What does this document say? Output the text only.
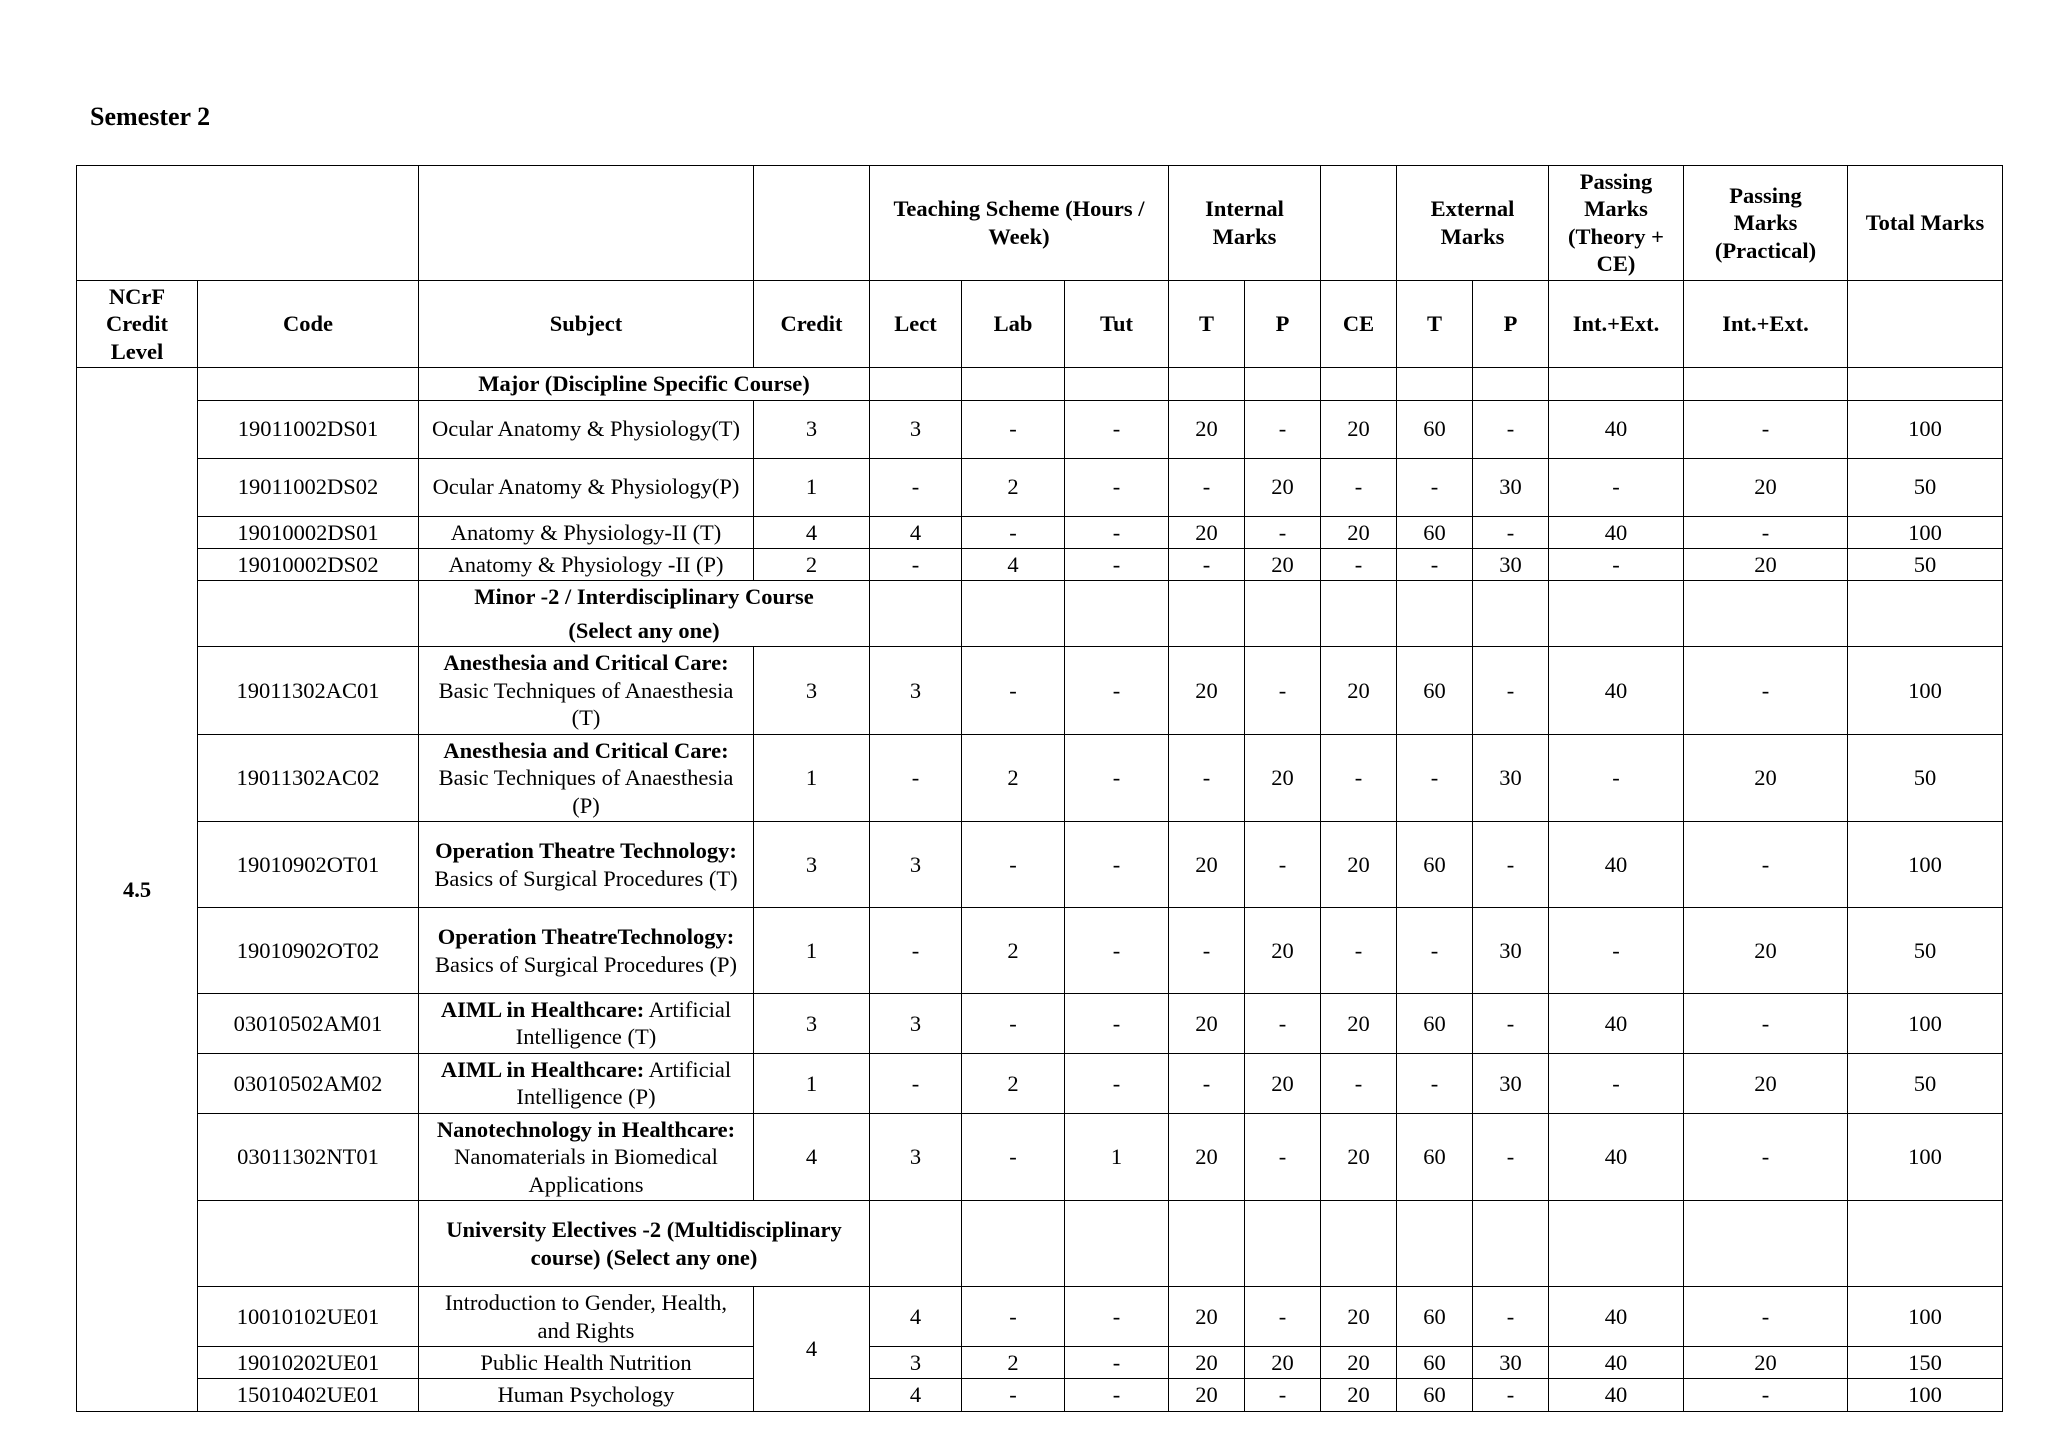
Semester 2
				Teaching Scheme (Hours / Week)			Internal Marks			External Marks		Passing Marks (Theory + CE)	Passing Marks (Practical)	Total Marks
NCrF Credit Level	Code	Subject	Credit	Lect	Lab	Tut	T	P	CE	T	P	Int.+Ext.	Int.+Ext.	
4.5		Major (Discipline Specific Course)												

	19011002DS01	Ocular Anatomy & Physiology(T)	3	3	-	-	20	-	20	60	-	40	-	100
	19011002DS02	Ocular Anatomy & Physiology(P)	1	-	2	-	-	20	-	-	30	-	20	50
	19010002DS01	Anatomy & Physiology-II (T)	4	4	-	-	20	-	20	60	-	40	-	100
	19010002DS02	Anatomy & Physiology -II (P)	2	-	4	-	-	20	-	-	30	-	20	50

		Minor -2 / Interdisciplinary Course
(Select any one)												

	19011302AC01	Anesthesia and Critical Care: Basic Techniques of Anaesthesia (T)	3	3	-	-	20	-	20	60	-	40	-	100
	19011302AC02	Anesthesia and Critical Care: Basic Techniques of Anaesthesia (P)	1	-	2	-	-	20	-	-	30	-	20	50
	19010902OT01	Operation Theatre Technology: Basics of Surgical Procedures (T)	3	3	-	-	20	-	20	60	-	40	-	100
	19010902OT02	Operation TheatreTechnology: Basics of Surgical Procedures (P)	1	-	2	-	-	20	-	-	30	-	20	50
	03010502AM01	AIML in Healthcare: Artificial Intelligence (T)	3	3	-	-	20	-	20	60	-	40	-	100
	03010502AM02	AIML in Healthcare: Artificial Intelligence (P)	1	-	2	-	-	20	-	-	30	-	20	50
	03011302NT01	Nanotechnology in Healthcare: Nanomaterials in Biomedical Applications	4	3	-	1	20	-	20	60	-	40	-	100

		University Electives -2 (Multidisciplinary course) (Select any one)												

	10010102UE01	Introduction to Gender, Health, and Rights	4	4	-	-	20	-	20	60	-	40	-	100
	19010202UE01	Public Health Nutrition		3	2	-	20	20	20	60	30	40	20	150
	15010402UE01	Human Psychology		4	-	-	20	-	20	60	-	40	-	100
